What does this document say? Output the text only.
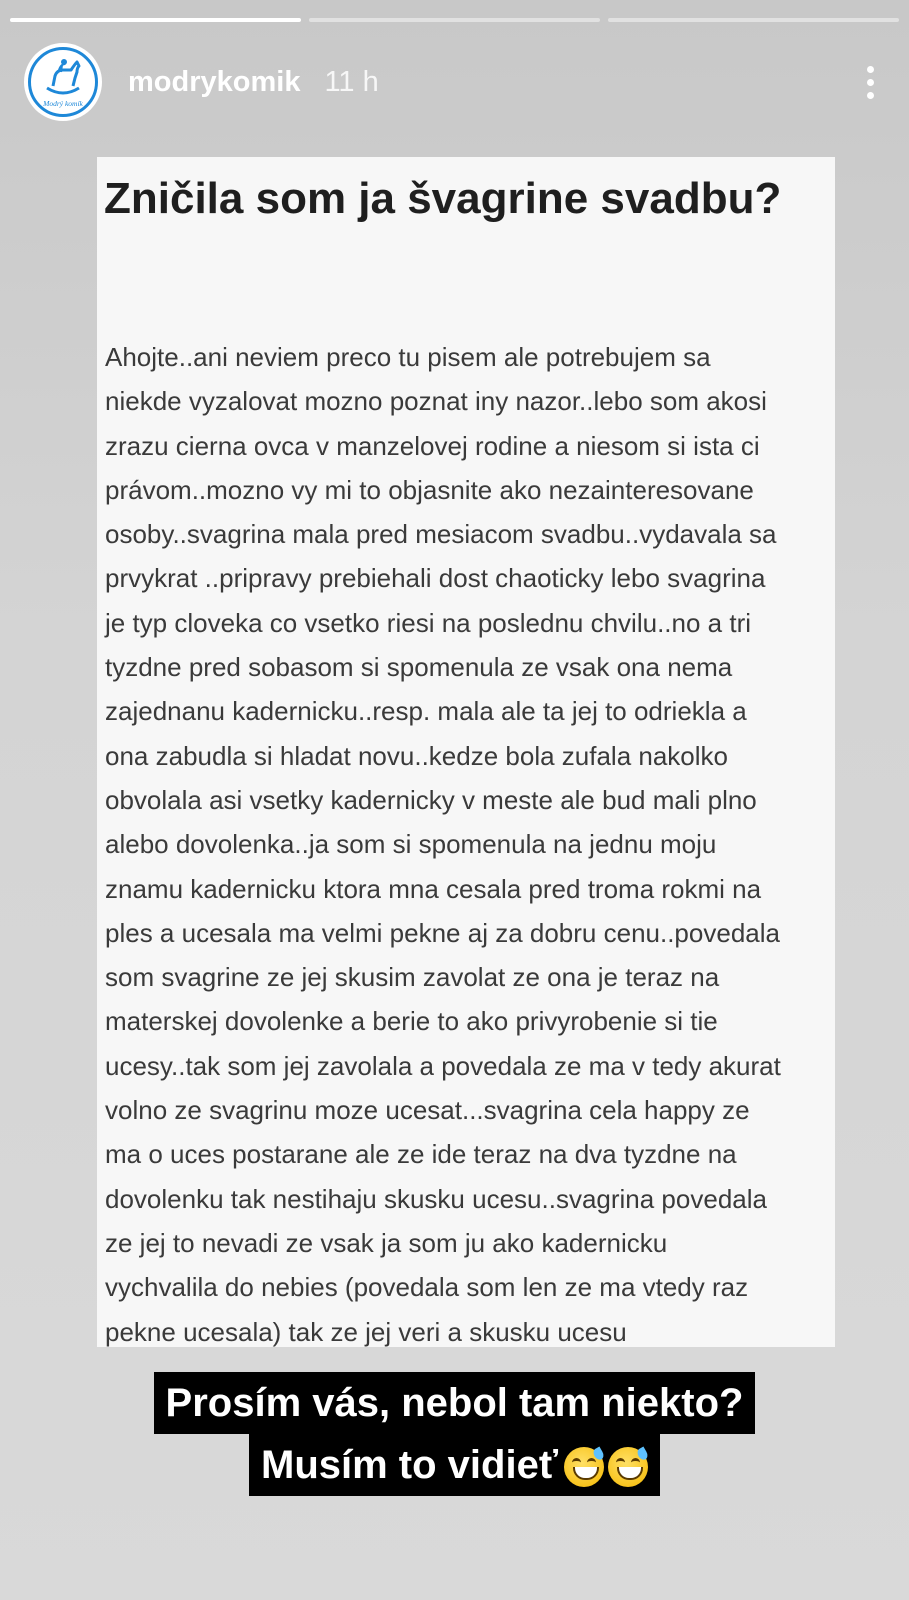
Modrý komík
modrykomik 11 h
Zničila som ja švagrine svadbu?

Ahojte..ani neviem preco tu pisem ale potrebujem sa
niekde vyzalovat mozno poznat iny nazor..lebo som akosi
zrazu cierna ovca v manzelovej rodine a niesom si ista ci
právom..mozno vy mi to objasnite ako nezainteresovane
osoby..svagrina mala pred mesiacom svadbu..vydavala sa
prvykrat ..pripravy prebiehali dost chaoticky lebo svagrina
je typ cloveka co vsetko riesi na poslednu chvilu..no a tri
tyzdne pred sobasom si spomenula ze vsak ona nema
zajednanu kadernicku..resp. mala ale ta jej to odriekla a
ona zabudla si hladat novu..kedze bola zufala nakolko
obvolala asi vsetky kadernicky v meste ale bud mali plno
alebo dovolenka..ja som si spomenula na jednu moju
znamu kadernicku ktora mna cesala pred troma rokmi na
ples a ucesala ma velmi pekne aj za dobru cenu..povedala
som svagrine ze jej skusim zavolat ze ona je teraz na
materskej dovolenke a berie to ako privyrobenie si tie
ucesy..tak som jej zavolala a povedala ze ma v tedy akurat
volno ze svagrinu moze ucesat...svagrina cela happy ze
ma o uces postarane ale ze ide teraz na dva tyzdne na
dovolenku tak nestihaju skusku ucesu..svagrina povedala
ze jej to nevadi ze vsak ja som ju ako kadernicku
vychvalila do nebies (povedala som len ze ma vtedy raz
pekne ucesala) tak ze jej veri a skusku ucesu

Prosím vás, nebol tam niekto?
Musím to vidieť
